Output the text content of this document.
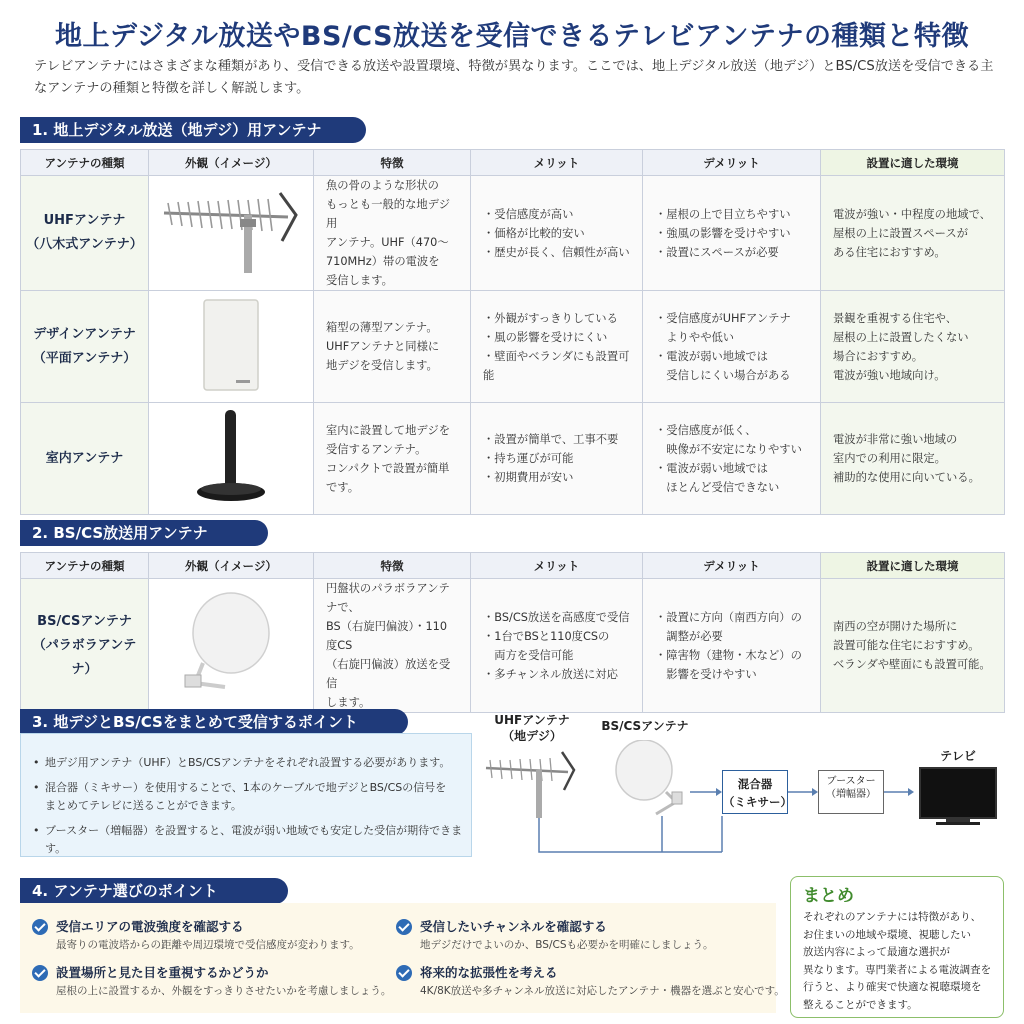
地上デジタル放送やBS/CS放送を受信できるテレビアンテナの種類と特徴
テレビアンテナにはさまざまな種類があり、受信できる放送や設置環境、特徴が異なります。ここでは、地上デジタル放送（地デジ）とBS/CS放送を受信できる主なアンテナの種類と特徴を詳しく解説します。
1. 地上デジタル放送（地デジ）用アンテナ
アンテナの種類	外観（イメージ）	特徴	メリット	デメリット	設置に適した環境
UHFアンテナ
（八木式アンテナ）		魚の骨のような形状の
もっとも一般的な地デジ用
アンテナ。UHF（470〜
710MHz）帯の電波を
受信します。	・受信感度が高い
・価格が比較的安い
・歴史が長く、信頼性が高い	・屋根の上で目立ちやすい
・強風の影響を受けやすい
・設置にスペースが必要	電波が強い・中程度の地域で、
屋根の上に設置スペースが
ある住宅におすすめ。
デザインアンテナ
（平面アンテナ）		箱型の薄型アンテナ。
UHFアンテナと同様に
地デジを受信します。	・外観がすっきりしている
・風の影響を受けにくい
・壁面やベランダにも設置可能	・受信感度がUHFアンテナ
　よりやや低い
・電波が弱い地域では
　受信しにくい場合がある	景観を重視する住宅や、
屋根の上に設置したくない
場合におすすめ。
電波が強い地域向け。
室内アンテナ		室内に設置して地デジを
受信するアンテナ。
コンパクトで設置が簡単です。	・設置が簡単で、工事不要
・持ち運びが可能
・初期費用が安い	・受信感度が低く、
　映像が不安定になりやすい
・電波が弱い地域では
　ほとんど受信できない	電波が非常に強い地域の
室内での利用に限定。
補助的な使用に向いている。
2. BS/CS放送用アンテナ
アンテナの種類	外観（イメージ）	特徴	メリット	デメリット	設置に適した環境
BS/CSアンテナ
（パラボラアンテナ）		円盤状のパラボラアンテナで、
BS（右旋円偏波）・110度CS
（右旋円偏波）放送を受信
します。	・BS/CS放送を高感度で受信
・1台でBSと110度CSの
　両方を受信可能
・多チャンネル放送に対応	・設置に方向（南西方向）の
　調整が必要
・障害物（建物・木など）の
　影響を受けやすい	南西の空が開けた場所に
設置可能な住宅におすすめ。
ベランダや壁面にも設置可能。
3. 地デジとBS/CSをまとめて受信するポイント
• 地デジ用アンテナ（UHF）とBS/CSアンテナをそれぞれ設置する必要があります。
• 混合器（ミキサー）を使用することで、1本のケーブルで地デジとBS/CSの信号を
まとめてテレビに送ることができます。
• ブースター（増幅器）を設置すると、電波が弱い地域でも安定した受信が期待できます。
UHFアンテナ
（地デジ）
BS/CSアンテナ
テレビ
混合器
（ミキサー）
ブースター
（増幅器）
4. アンテナ選びのポイント
受信エリアの電波強度を確認する
最寄りの電波塔からの距離や周辺環境で受信感度が変わります。
受信したいチャンネルを確認する
地デジだけでよいのか、BS/CSも必要かを明確にしましょう。
設置場所と見た目を重視するかどうか
屋根の上に設置するか、外観をすっきりさせたいかを考慮しましょう。
将来的な拡張性を考える
4K/8K放送や多チャンネル放送に対応したアンテナ・機器を選ぶと安心です。
まとめ
それぞれのアンテナには特徴があり、
お住まいの地域や環境、視聴したい
放送内容によって最適な選択が
異なります。専門業者による電波調査を
行うと、より確実で快適な視聴環境を
整えることができます。
